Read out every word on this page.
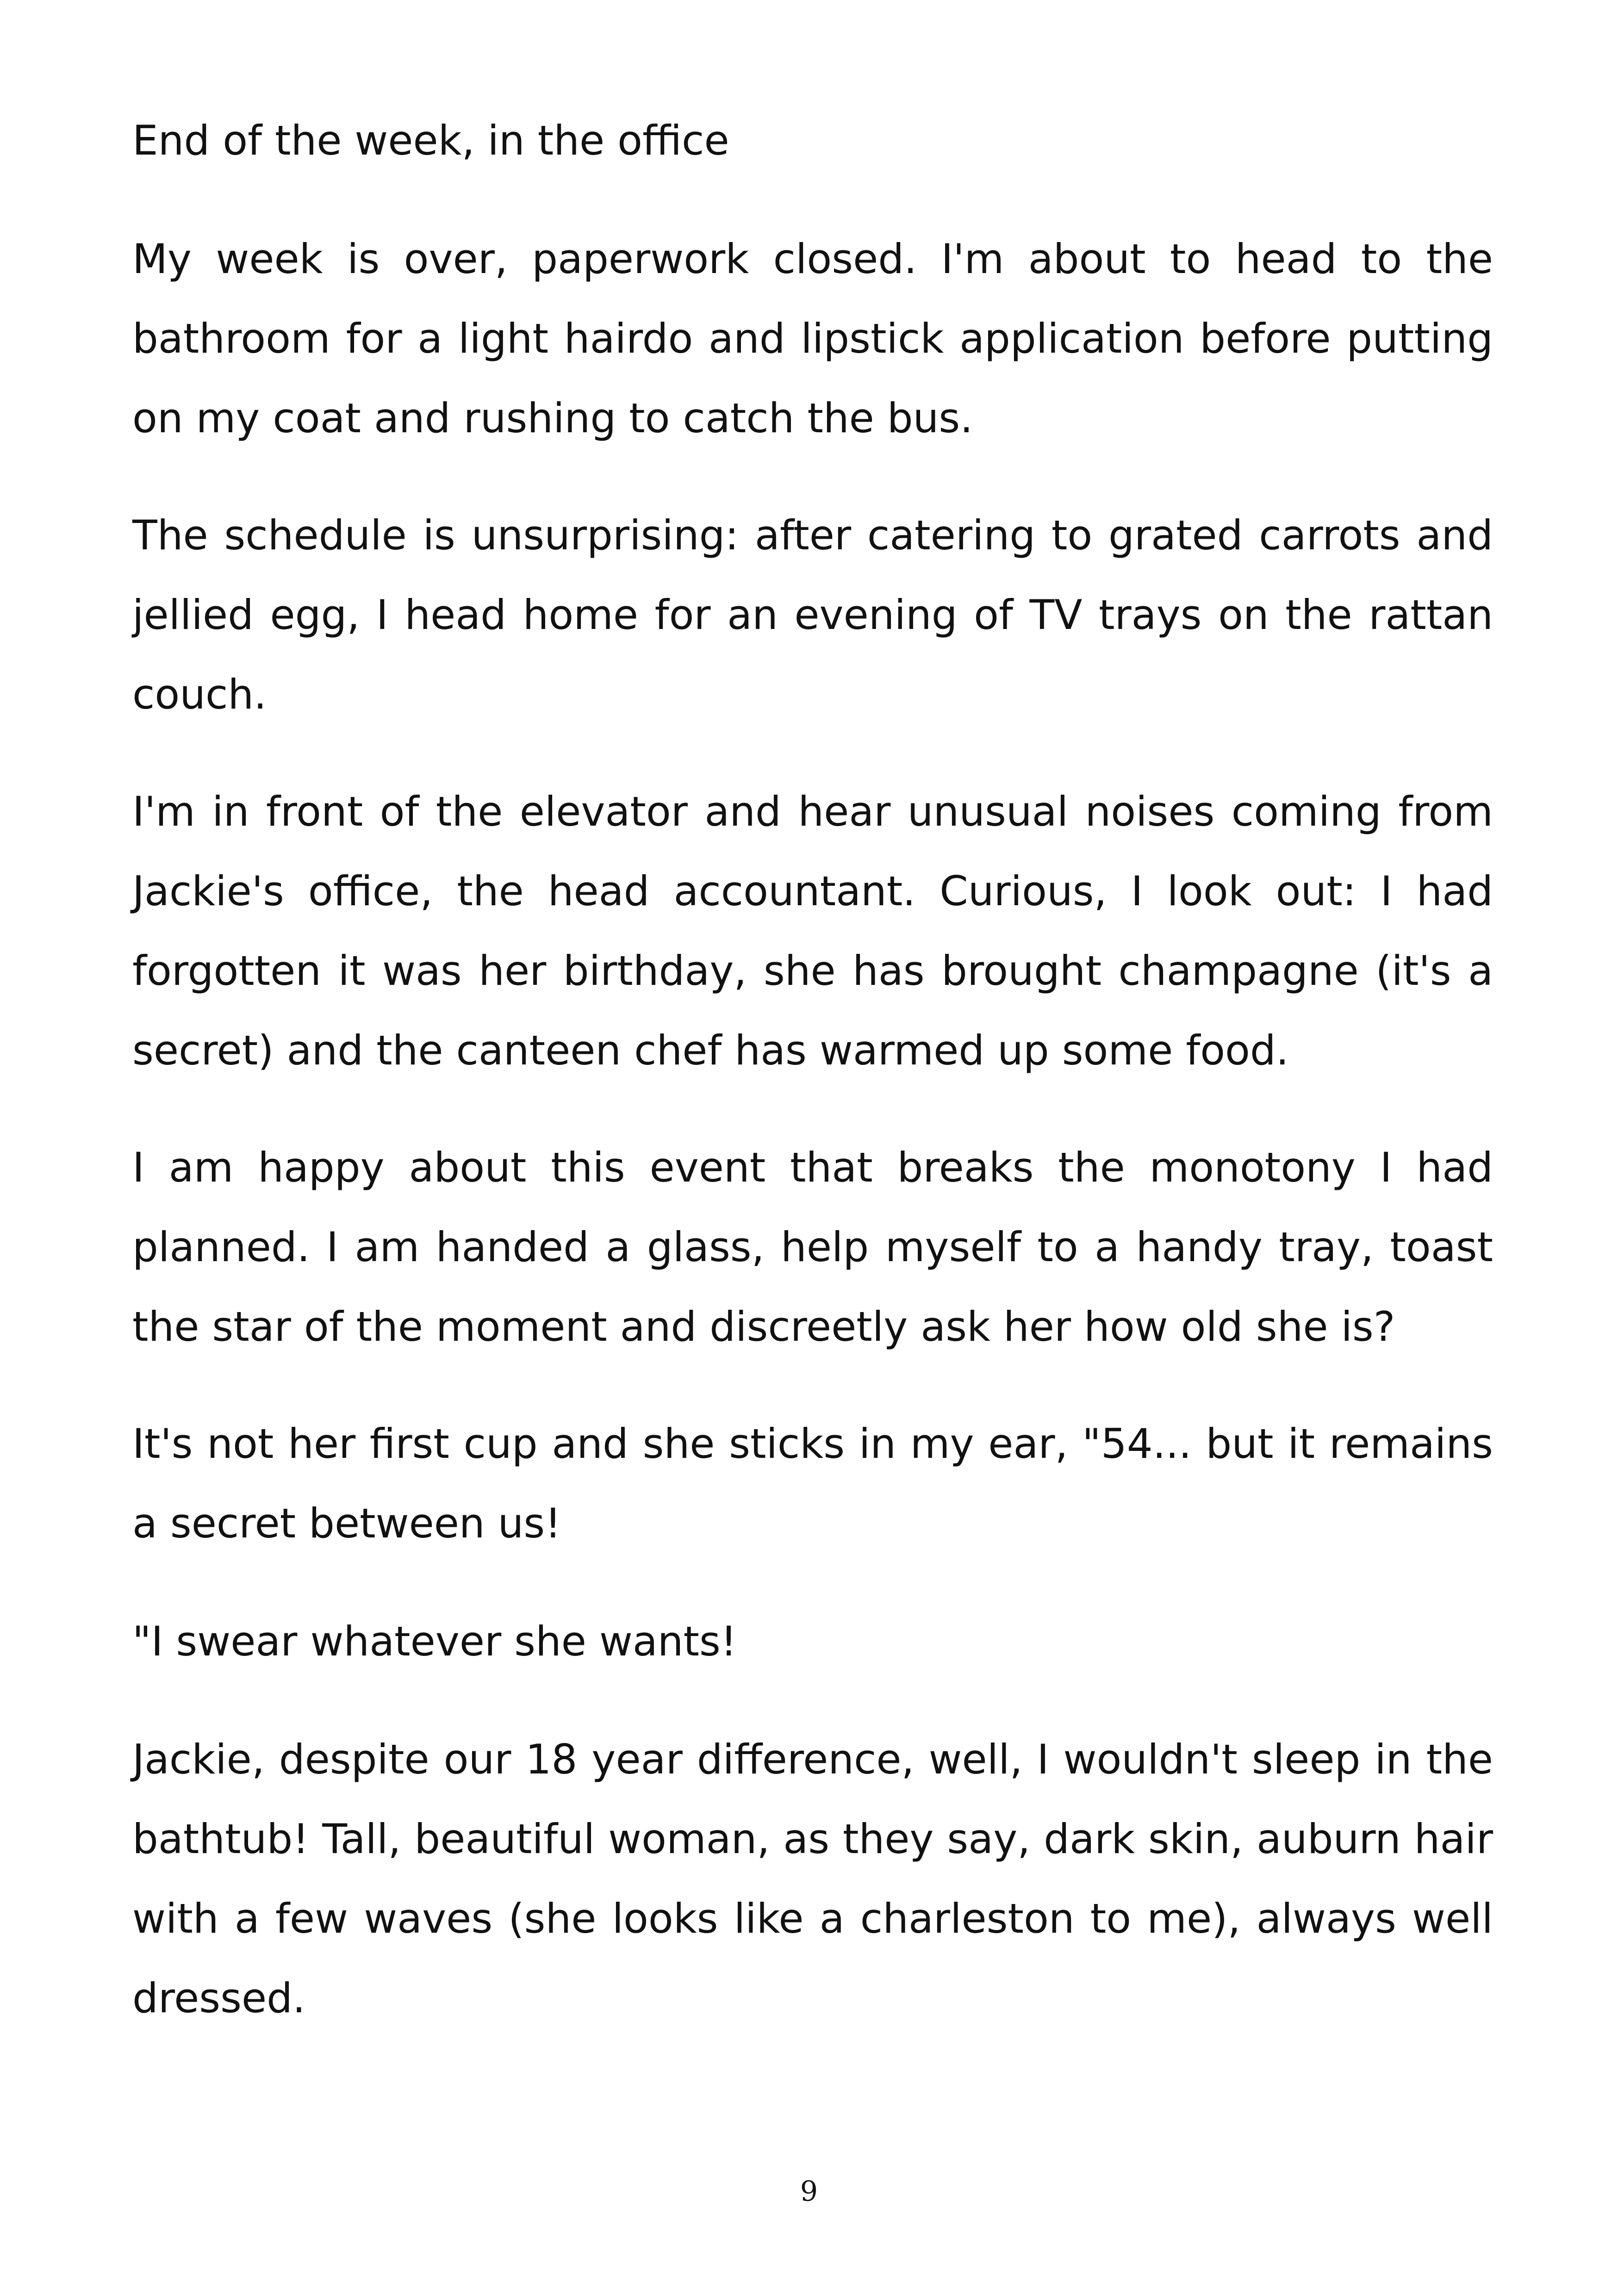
End of the week, in the office
My week is over, paperwork closed. I'm about to head to the bathroom for a light hairdo and lipstick application before putting on my coat and rushing to catch the bus.
The schedule is unsurprising: after catering to grated carrots and jellied egg, I head home for an evening of TV trays on the rattan couch.
I'm in front of the elevator and hear unusual noises coming from Jackie's office, the head accountant. Curious, I look out: I had forgotten it was her birthday, she has brought champagne (it's a secret) and the canteen chef has warmed up some food.
I am happy about this event that breaks the monotony I had planned. I am handed a glass, help myself to a handy tray, toast the star of the moment and discreetly ask her how old she is?
It's not her first cup and she sticks in my ear, "54... but it remains a secret between us!
"I swear whatever she wants!
Jackie, despite our 18 year difference, well, I wouldn't sleep in the bathtub! Tall, beautiful woman, as they say, dark skin, auburn hair with a few waves (she looks like a charleston to me), always well dressed.
9
